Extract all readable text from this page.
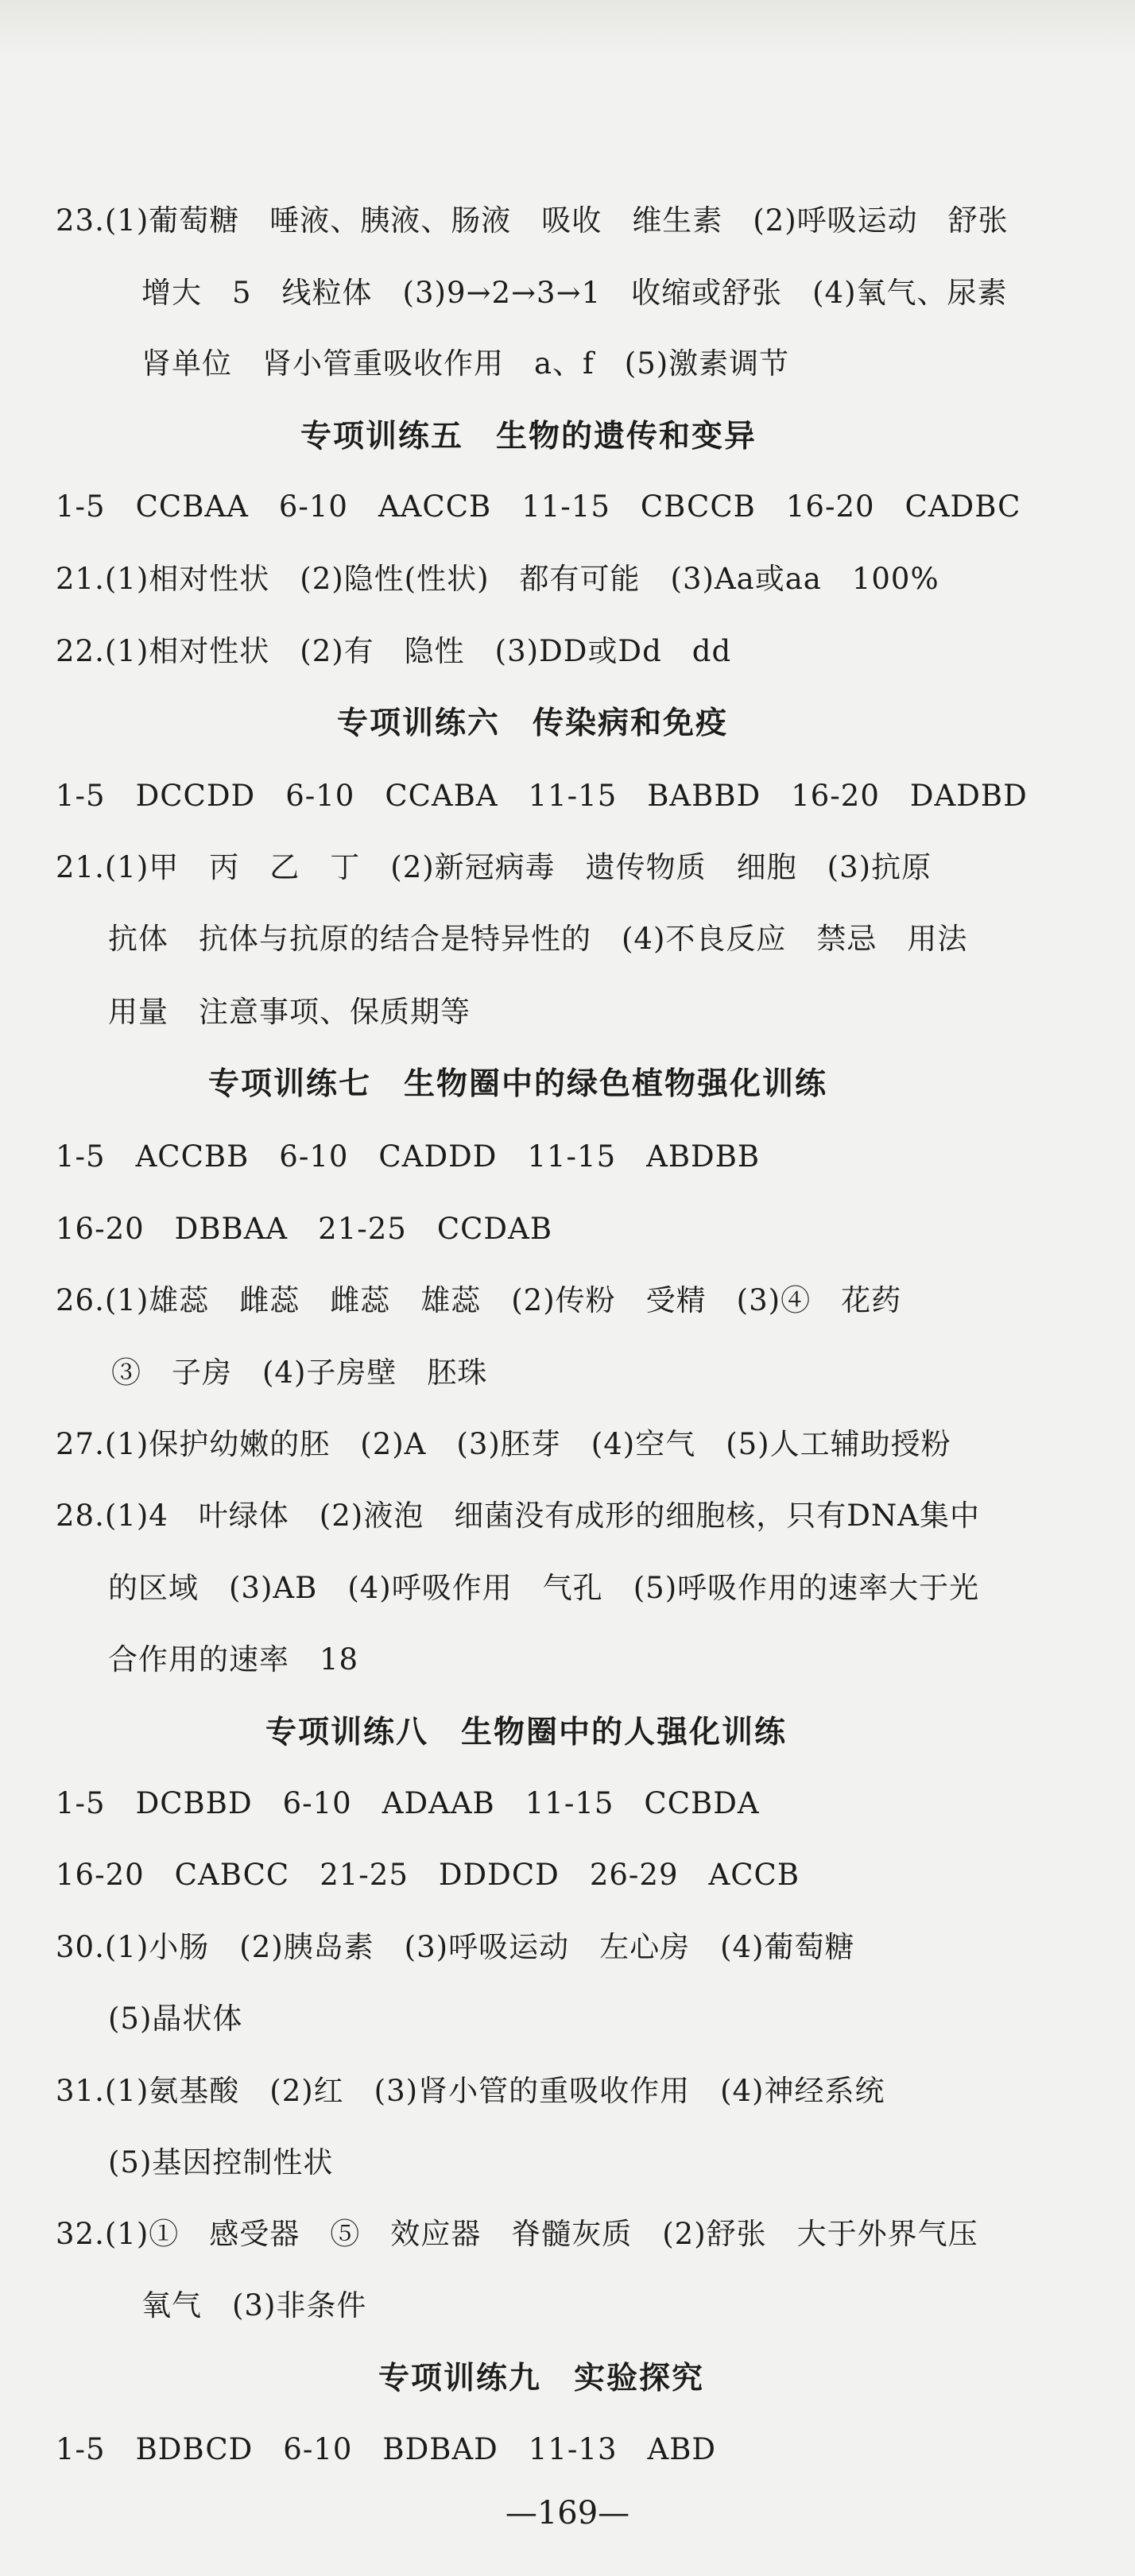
23.(1)葡萄糖　唾液、胰液、肠液　吸收　维生素　(2)呼吸运动　舒张
增大　5　线粒体　(3)9→2→3→1　收缩或舒张　(4)氧气、尿素
肾单位　肾小管重吸收作用　a、f　(5)激素调节
专项训练五　生物的遗传和变异
1-5　CCBAA　6-10　AACCB　11-15　CBCCB　16-20　CADBC
21.(1)相对性状　(2)隐性(性状)　都有可能　(3)Aa或aa　100%
22.(1)相对性状　(2)有　隐性　(3)DD或Dd　dd
专项训练六　传染病和免疫
1-5　DCCDD　6-10　CCABA　11-15　BABBD　16-20　DADBD
21.(1)甲　丙　乙　丁　(2)新冠病毒　遗传物质　细胞　(3)抗原
抗体　抗体与抗原的结合是特异性的　(4)不良反应　禁忌　用法
用量　注意事项、保质期等
专项训练七　生物圈中的绿色植物强化训练
1-5　ACCBB　6-10　CADDD　11-15　ABDBB
16-20　DBBAA　21-25　CCDAB
26.(1)雄蕊　雌蕊　雌蕊　雄蕊　(2)传粉　受精　(3)④　花药
③　子房　(4)子房壁　胚珠
27.(1)保护幼嫩的胚　(2)A　(3)胚芽　(4)空气　(5)人工辅助授粉
28.(1)4　叶绿体　(2)液泡　细菌没有成形的细胞核，只有DNA集中
的区域　(3)AB　(4)呼吸作用　气孔　(5)呼吸作用的速率大于光
合作用的速率　18
专项训练八　生物圈中的人强化训练
1-5　DCBBD　6-10　ADAAB　11-15　CCBDA
16-20　CABCC　21-25　DDDCD　26-29　ACCB
30.(1)小肠　(2)胰岛素　(3)呼吸运动　左心房　(4)葡萄糖
(5)晶状体
31.(1)氨基酸　(2)红　(3)肾小管的重吸收作用　(4)神经系统
(5)基因控制性状
32.(1)①　感受器　⑤　效应器　脊髓灰质　(2)舒张　大于外界气压
氧气　(3)非条件
专项训练九　实验探究
1-5　BDBCD　6-10　BDBAD　11-13　ABD
—169—
